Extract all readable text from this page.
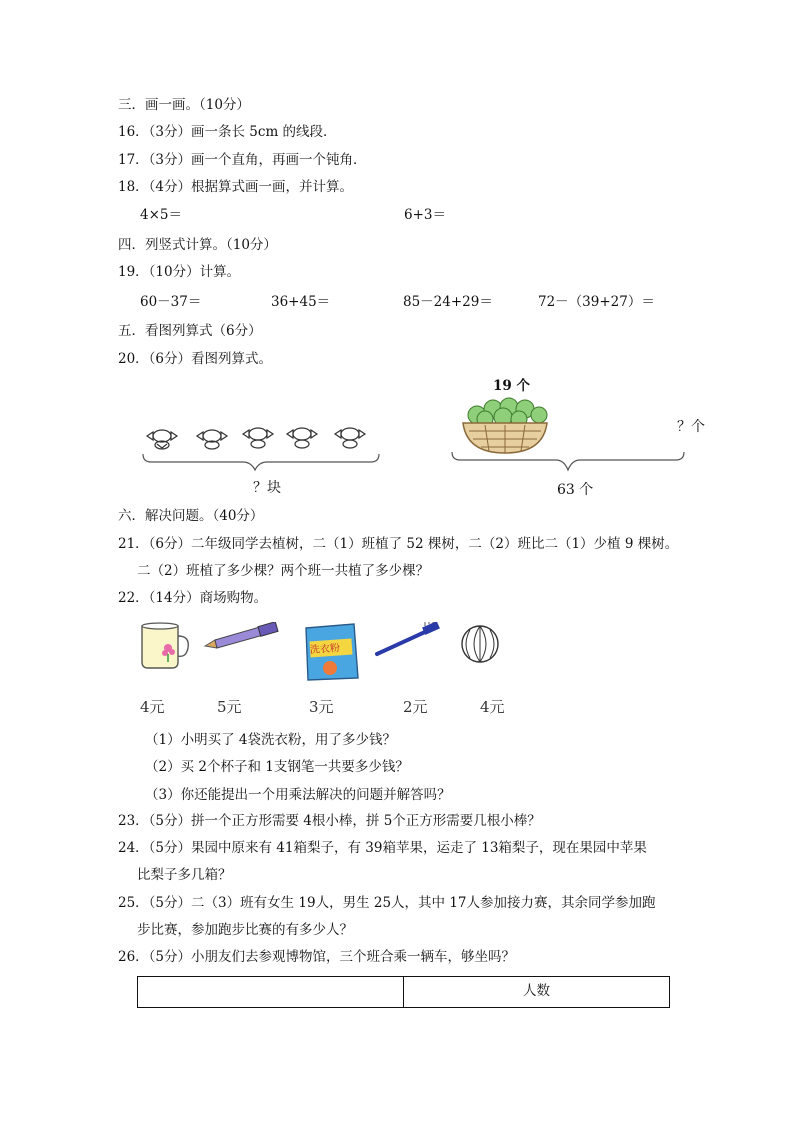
三．画一画。（10分）
16．（3分）画一条长 5cm 的线段．
17．（3分）画一个直角，再画一个钝角．
18．（4分）根据算式画一画，并计算。
4×5＝	6+3＝
四．列竖式计算。（10分）
19．（10分）计算。
60－37＝	36+45＝	85－24+29＝	72－（39+27）＝
五．看图列算式（6分）
20．（6分）看图列算式。
？块
19 个
？个
63 个
六．解决问题。（40分）
21．（6分）二年级同学去植树，二（1）班植了 52 棵树，二（2）班比二（1）少植 9 棵树。
二（2）班植了多少棵？两个班一共植了多少棵？
22．（14分）商场购物。
洗衣粉
4元	5元	3元	2元	4元
（1）小明买了 4袋洗衣粉，用了多少钱？
（2）买 2个杯子和 1支钢笔一共要多少钱？
（3）你还能提出一个用乘法解决的问题并解答吗？
23．（5分）拼一个正方形需要 4根小棒，拼 5个正方形需要几根小棒？
24．（5分）果园中原来有 41箱梨子，有 39箱苹果，运走了 13箱梨子，现在果园中苹果
比梨子多几箱？
25．（5分）二（3）班有女生 19人，男生 25人，其中 17人参加接力赛，其余同学参加跑
步比赛，参加跑步比赛的有多少人？
26．（5分）小朋友们去参观博物馆，三个班合乘一辆车，够坐吗？
	人数
